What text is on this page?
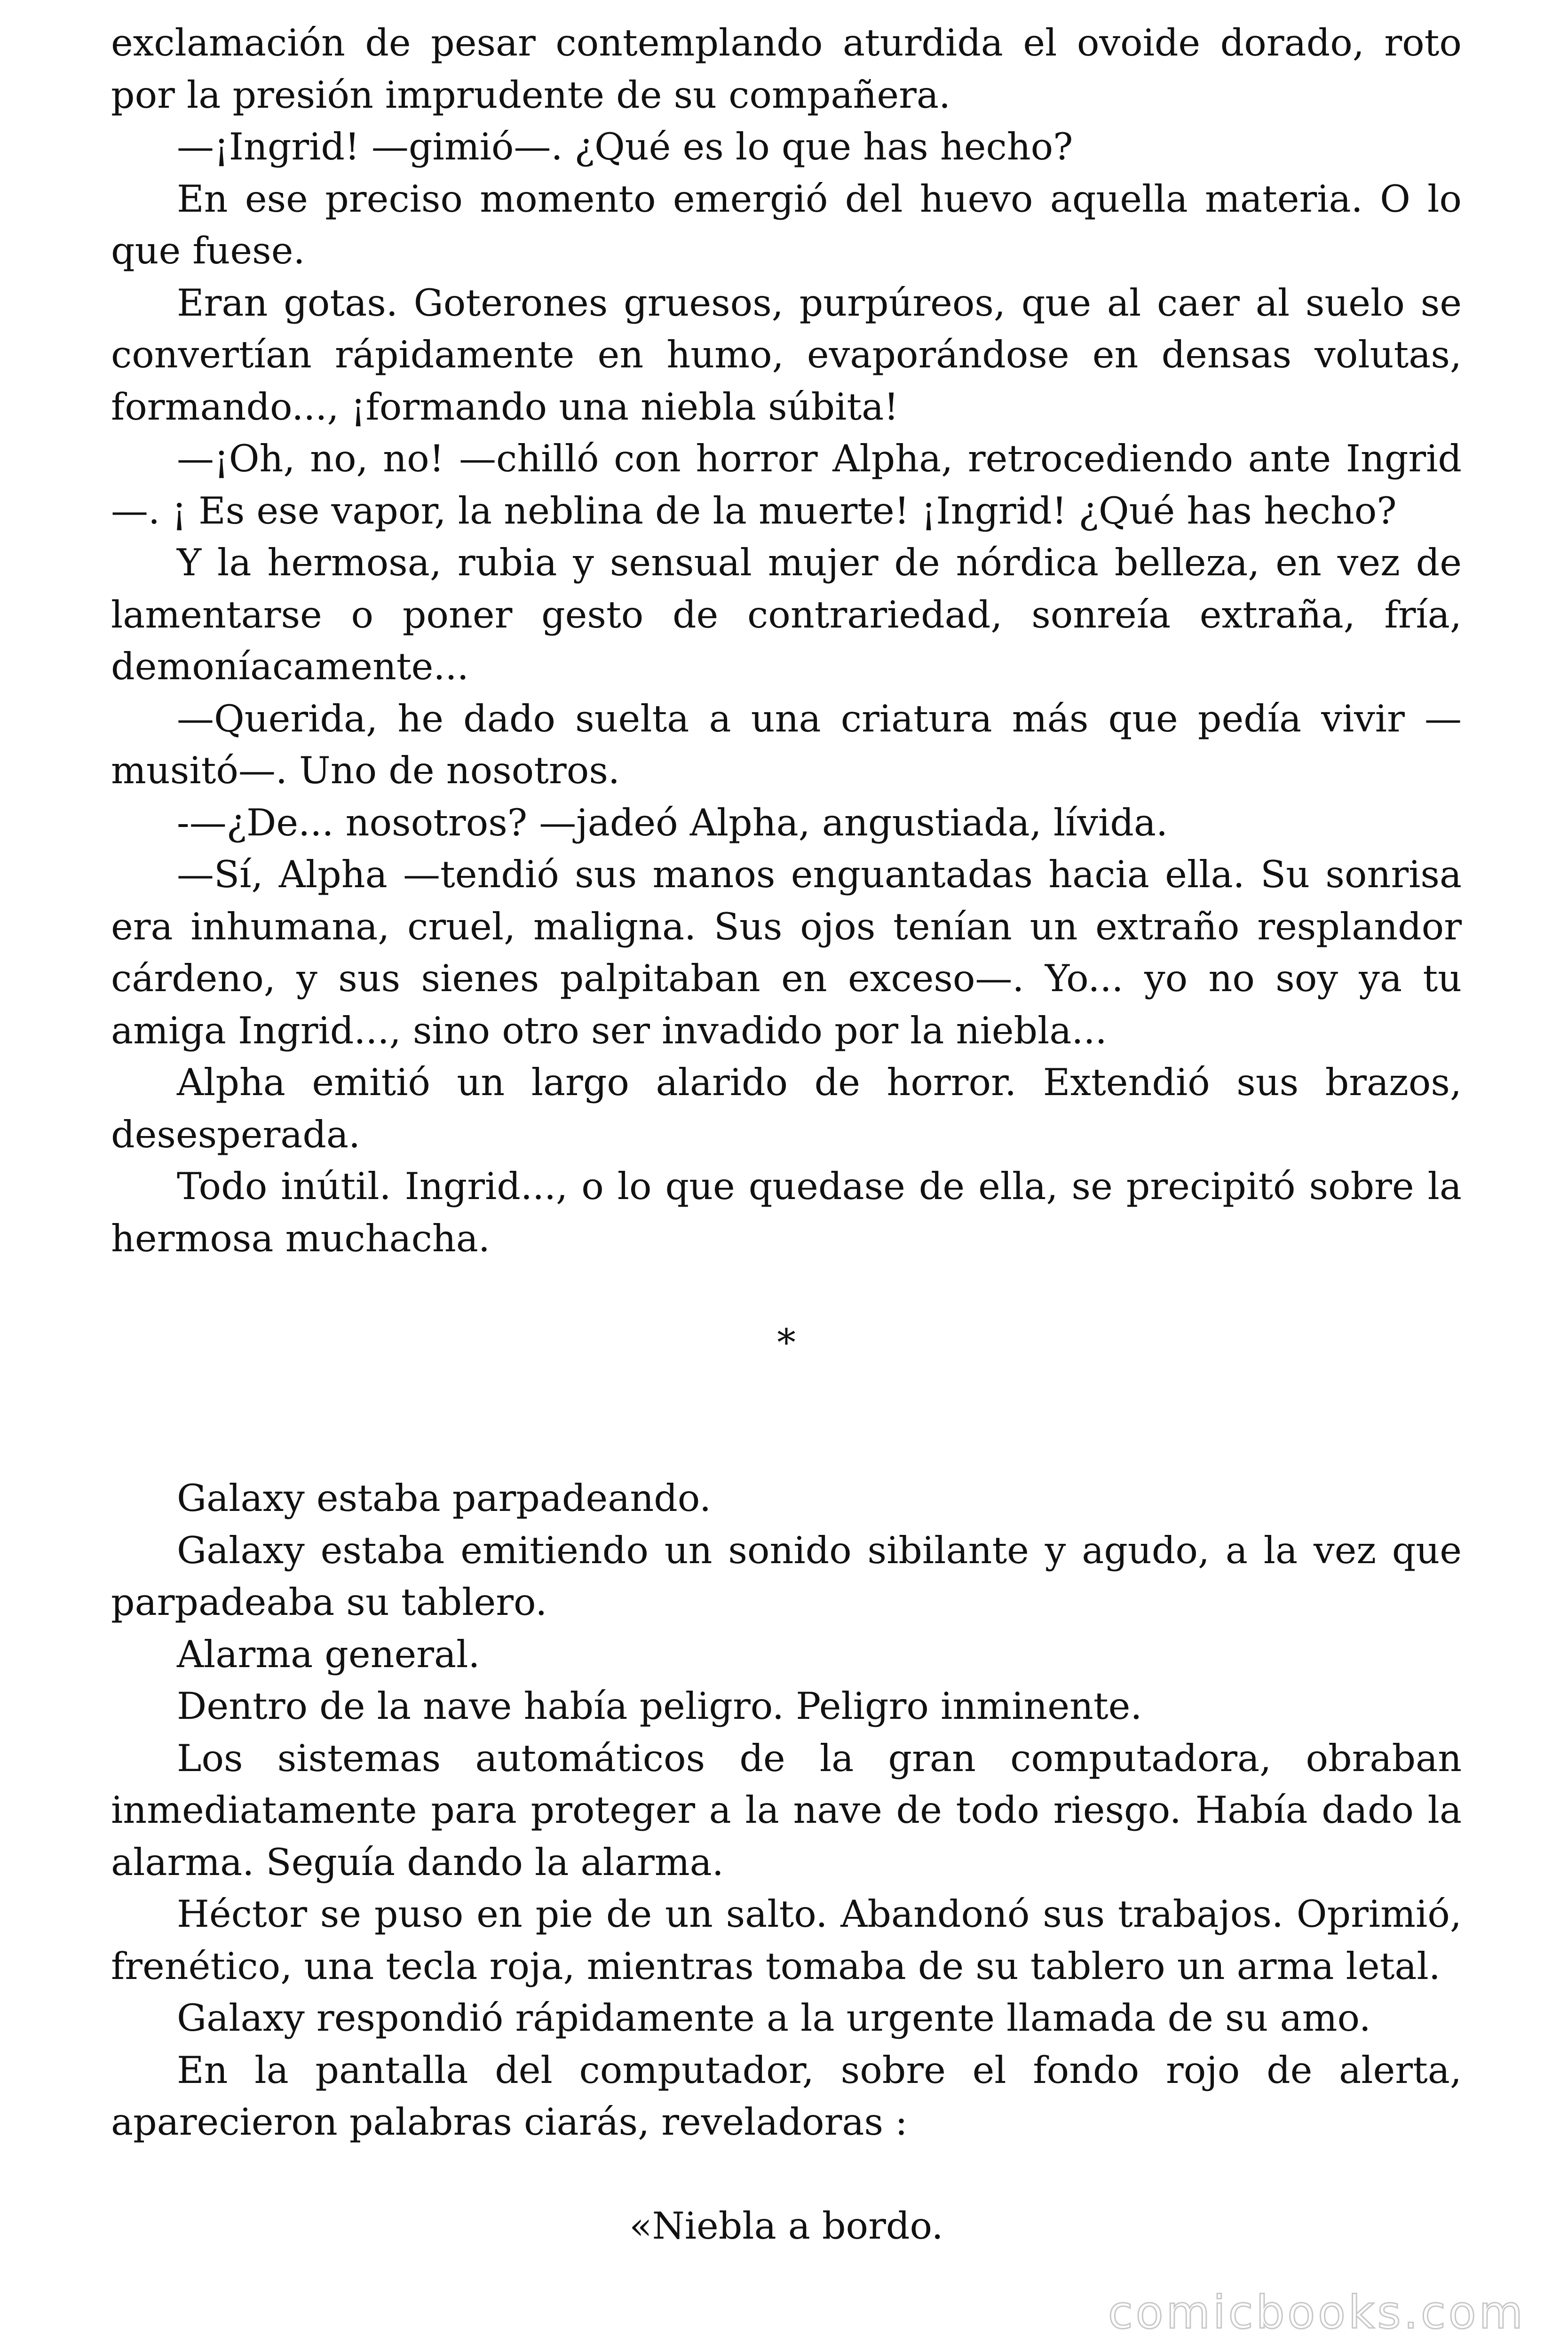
exclamación de pesar contemplando aturdida el ovoide dorado, roto por la presión imprudente de su compañera.

—¡Ingrid! —gimió—. ¿Qué es lo que has hecho?

En ese preciso momento emergió del huevo aquella materia. O lo que fuese.

Eran gotas. Goterones gruesos, purpúreos, que al caer al suelo se convertían rápidamente en humo, evaporándose en densas volutas, formando..., ¡formando una niebla súbita!

—¡Oh, no, no! —chilló con horror Alpha, retrocediendo ante Ingrid—. ¡ Es ese vapor, la neblina de la muerte! ¡Ingrid! ¿Qué has hecho?

Y la hermosa, rubia y sensual mujer de nórdica belleza, en vez de lamentarse o poner gesto de contrariedad, sonreía extraña, fría, demoníacamente...

—Querida, he dado suelta a una criatura más que pedía vivir —musitó—. Uno de nosotros.

-—¿De... nosotros? —jadeó Alpha, angustiada, lívida.

—Sí, Alpha —tendió sus manos enguantadas hacia ella. Su sonrisa era inhumana, cruel, maligna. Sus ojos tenían un extraño resplandor cárdeno, y sus sienes palpitaban en exceso—. Yo... yo no soy ya tu amiga Ingrid..., sino otro ser invadido por la niebla...

Alpha emitió un largo alarido de horror. Extendió sus brazos, desesperada.

Todo inútil. Ingrid..., o lo que quedase de ella, se precipitó sobre la hermosa muchacha.

*

Galaxy estaba parpadeando.

Galaxy estaba emitiendo un sonido sibilante y agudo, a la vez que parpadeaba su tablero.

Alarma general.

Dentro de la nave había peligro. Peligro inminente.

Los sistemas automáticos de la gran computadora, obraban inmediatamente para proteger a la nave de todo riesgo. Había dado la alarma. Seguía dando la alarma.

Héctor se puso en pie de un salto. Abandonó sus trabajos. Oprimió, frenético, una tecla roja, mientras tomaba de su tablero un arma letal.

Galaxy respondió rápidamente a la urgente llamada de su amo.

En la pantalla del computador, sobre el fondo rojo de alerta, aparecieron palabras ciarás, reveladoras :

«Niebla a bordo.

comicbooks.com
